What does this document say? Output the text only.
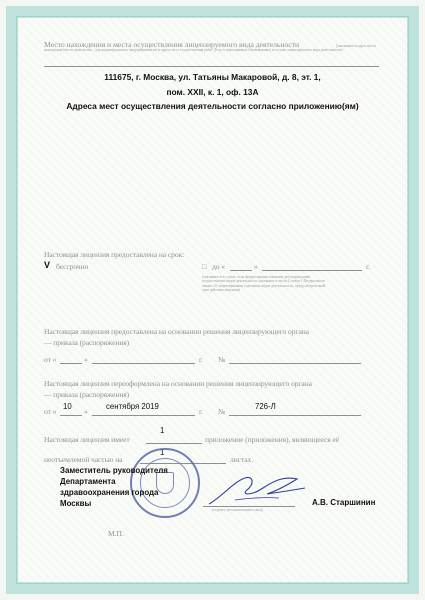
Место нахождения и места осуществления лицензируемого вида деятельности	(указываются адрес места нахождения (место жительства – для индивидуального предпринимателя) и адреса мест осуществления работ (услуг), выполняемых (оказываемых) в составе лицензируемого вида деятельности)

111675, г. Москва, ул. Татьяны Макаровой, д. 8, эт. 1,

пом. XXII, к. 1, оф. 13А

Адреса мест осуществления деятельности согласно приложению(ям)

Настоящая лицензия предоставлена на срок:

V бессрочно	□ до «	»	г.

(указывается в случае, если федеральными законами, регулирующими осуществление видов деятельности, указанных в части 4 статьи 1 Федерального закона «О лицензировании отдельных видов деятельности», предусмотрен иной срок действия лицензии)

Настоящая лицензия предоставлена на основании решения лицензирующего органа

— приказа (распоряжения)

от «	»	г. №

Настоящая лицензия переоформлена на основании решения лицензирующего органа

— приказа (распоряжения)

от «
10
»
сентября 2019
г. №
726-Л
1

Настоящая лицензия имеет	приложение (приложения), являющееся её

1

неотъемлемой частью на	листах.

Заместитель руководителя

Департамента

здравоохранения города

Москвы

(подпись уполномоченного лица)

А.В. Старшинин

М.П.
